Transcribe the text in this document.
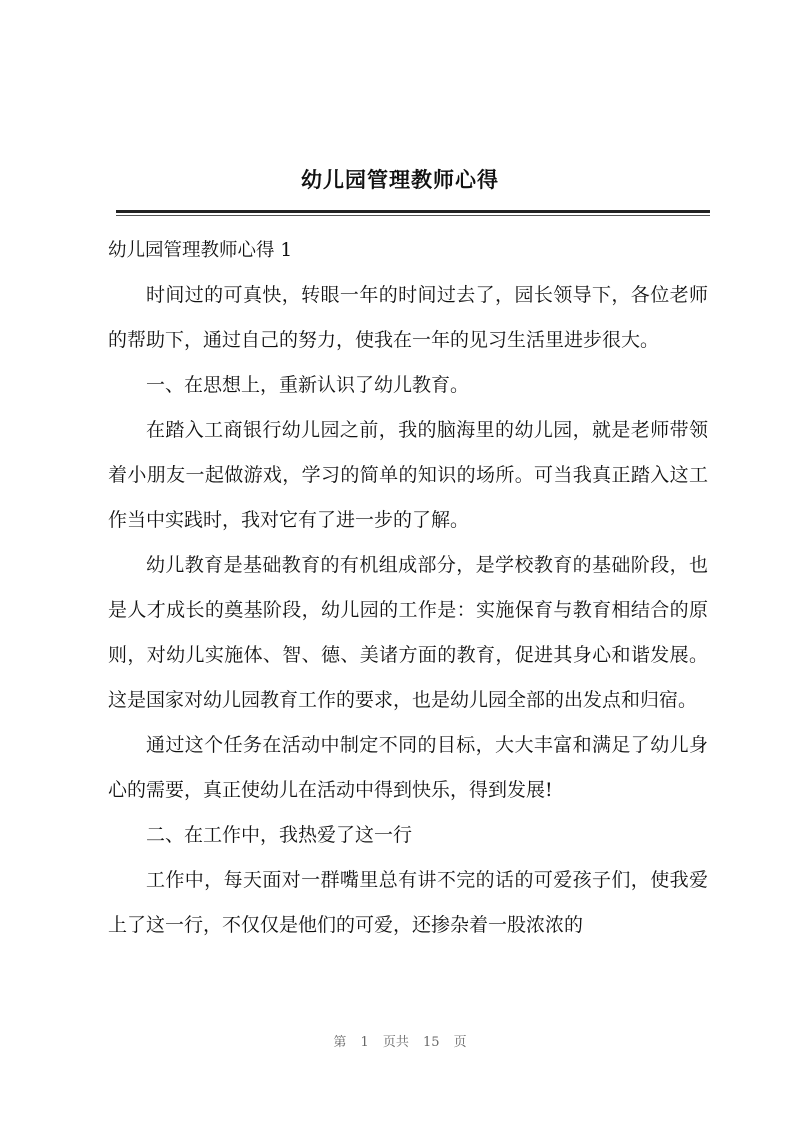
幼儿园管理教师心得

幼儿园管理教师心得 1

时间过的可真快，转眼一年的时间过去了，园长领导下，各位老师的帮助下，通过自己的努力，使我在一年的见习生活里进步很大。

一、在思想上，重新认识了幼儿教育。

在踏入工商银行幼儿园之前，我的脑海里的幼儿园，就是老师带领着小朋友一起做游戏，学习的简单的知识的场所。可当我真正踏入这工作当中实践时，我对它有了进一步的了解。

幼儿教育是基础教育的有机组成部分，是学校教育的基础阶段，也是人才成长的奠基阶段，幼儿园的工作是：实施保育与教育相结合的原则，对幼儿实施体、智、德、美诸方面的教育，促进其身心和谐发展。这是国家对幼儿园教育工作的要求，也是幼儿园全部的出发点和归宿。

通过这个任务在活动中制定不同的目标，大大丰富和满足了幼儿身心的需要，真正使幼儿在活动中得到快乐，得到发展!

二、在工作中，我热爱了这一行

工作中，每天面对一群嘴里总有讲不完的话的可爱孩子们，使我爱上了这一行，不仅仅是他们的可爱，还掺杂着一股浓浓的

第 1 页共 15 页
